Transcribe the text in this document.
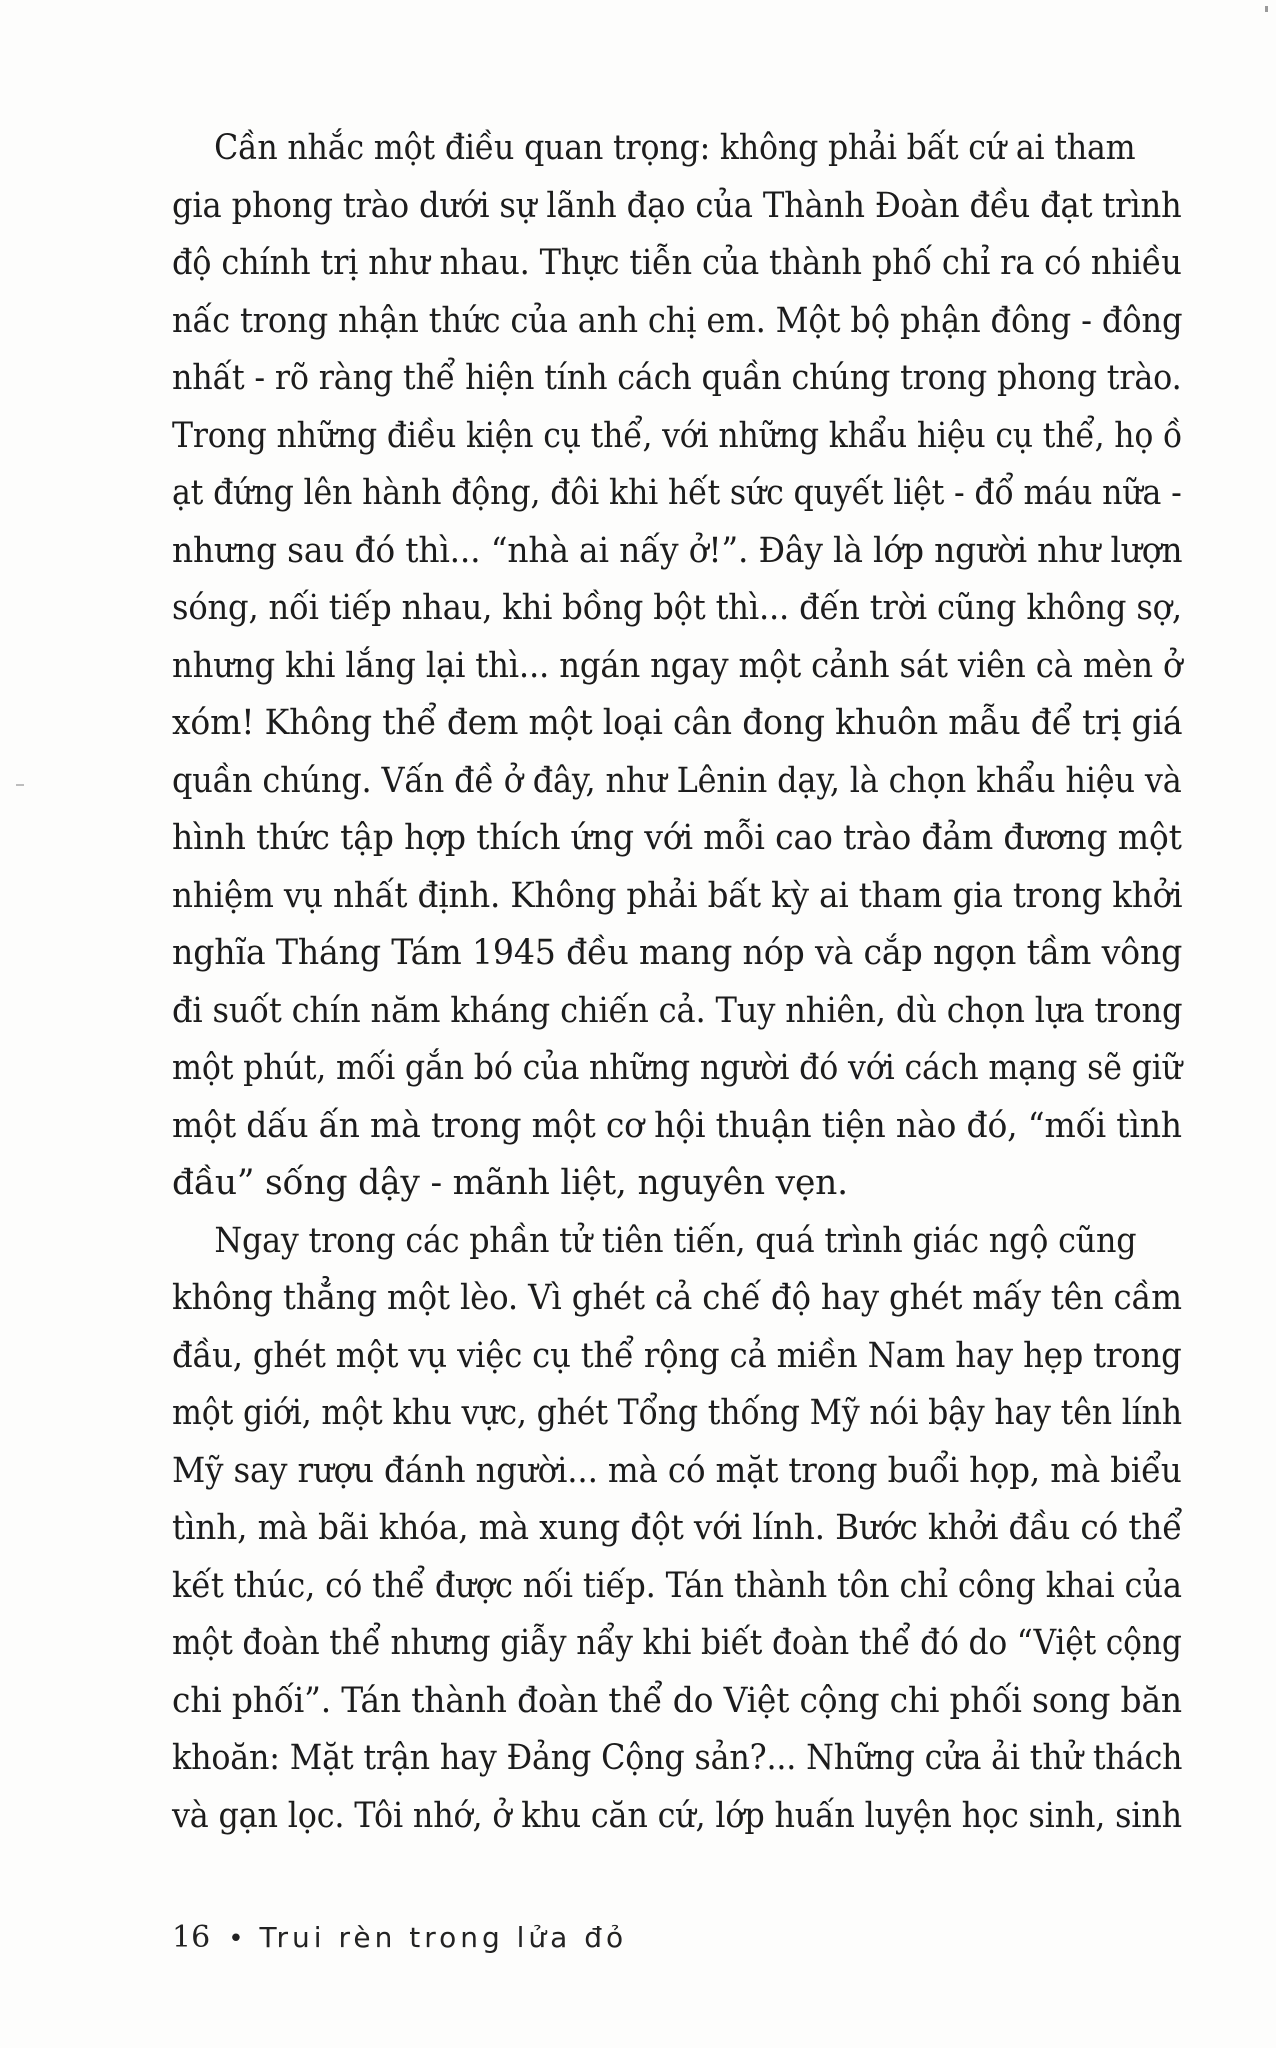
Cần nhắc một điều quan trọng: không phải bất cứ ai tham
gia phong trào dưới sự lãnh đạo của Thành Đoàn đều đạt trình
độ chính trị như nhau. Thực tiễn của thành phố chỉ ra có nhiều
nấc trong nhận thức của anh chị em. Một bộ phận đông - đông
nhất - rõ ràng thể hiện tính cách quần chúng trong phong trào.
Trong những điều kiện cụ thể, với những khẩu hiệu cụ thể, họ ồ
ạt đứng lên hành động, đôi khi hết sức quyết liệt - đổ máu nữa -
nhưng sau đó thì... “nhà ai nấy ở!”. Đây là lớp người như lượn
sóng, nối tiếp nhau, khi bồng bột thì... đến trời cũng không sợ,
nhưng khi lắng lại thì... ngán ngay một cảnh sát viên cà mèn ở
xóm! Không thể đem một loại cân đong khuôn mẫu để trị giá
quần chúng. Vấn đề ở đây, như Lênin dạy, là chọn khẩu hiệu và
hình thức tập hợp thích ứng với mỗi cao trào đảm đương một
nhiệm vụ nhất định. Không phải bất kỳ ai tham gia trong khởi
nghĩa Tháng Tám 1945 đều mang nóp và cắp ngọn tầm vông
đi suốt chín năm kháng chiến cả. Tuy nhiên, dù chọn lựa trong
một phút, mối gắn bó của những người đó với cách mạng sẽ giữ
một dấu ấn mà trong một cơ hội thuận tiện nào đó, “mối tình
đầu” sống dậy - mãnh liệt, nguyên vẹn.
Ngay trong các phần tử tiên tiến, quá trình giác ngộ cũng
không thẳng một lèo. Vì ghét cả chế độ hay ghét mấy tên cầm
đầu, ghét một vụ việc cụ thể rộng cả miền Nam hay hẹp trong
một giới, một khu vực, ghét Tổng thống Mỹ nói bậy hay tên lính
Mỹ say rượu đánh người... mà có mặt trong buổi họp, mà biểu
tình, mà bãi khóa, mà xung đột với lính. Bước khởi đầu có thể
kết thúc, có thể được nối tiếp. Tán thành tôn chỉ công khai của
một đoàn thể nhưng giẫy nẩy khi biết đoàn thể đó do “Việt cộng
chi phối”. Tán thành đoàn thể do Việt cộng chi phối song băn
khoăn: Mặt trận hay Đảng Cộng sản?... Những cửa ải thử thách
và gạn lọc. Tôi nhớ, ở khu căn cứ, lớp huấn luyện học sinh, sinh
16 • Trui rèn trong lửa đỏ
